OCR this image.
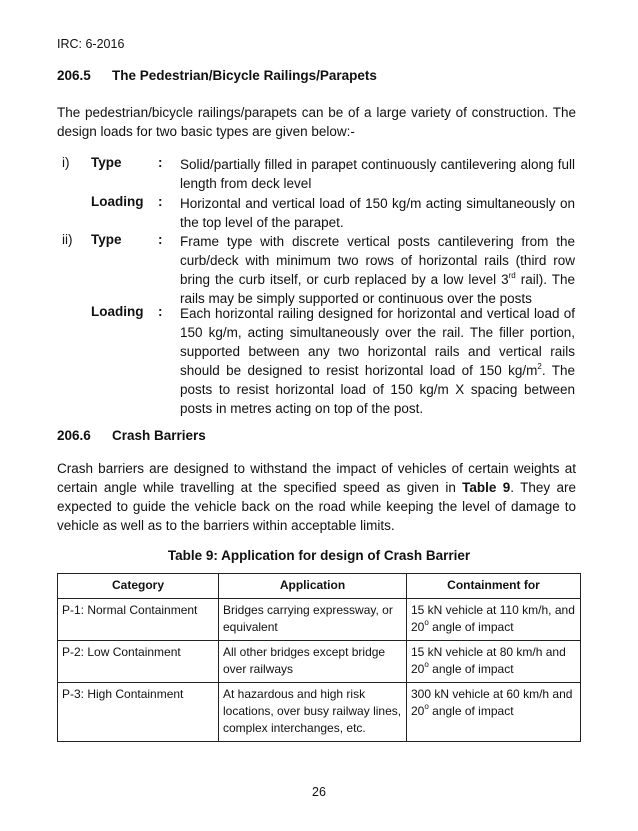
IRC: 6-2016
206.5 The Pedestrian/Bicycle Railings/Parapets
The pedestrian/bicycle railings/parapets can be of a large variety of construction. The design loads for two basic types are given below:-
i) Type	: Solid/partially filled in parapet continuously cantilevering along full length from deck level
Loading : Horizontal and vertical load of 150 kg/m acting simultaneously on the top level of the parapet.
ii) Type	: Frame type with discrete vertical posts cantilevering from the curb/deck with minimum two rows of horizontal rails (third row bring the curb itself, or curb replaced by a low level 3rd rail). The rails may be simply supported or continuous over the posts
Loading : Each horizontal railing designed for horizontal and vertical load of 150 kg/m, acting simultaneously over the rail. The filler portion, supported between any two horizontal rails and vertical rails should be designed to resist horizontal load of 150 $kg/m^2$. The posts to resist horizontal load of 150 kg/m X spacing between posts in metres acting on top of the post.
206.6 Crash Barriers
Crash barriers are designed to withstand the impact of vehicles of certain weights at certain angle while travelling at the specified speed as given in Table 9. They are expected to guide the vehicle back on the road while keeping the level of damage to vehicle as well as to the barriers within acceptable limits.
Table 9: Application for design of Crash Barrier
Category	Application	Containment for
P-1: Normal Containment	Bridges carrying expressway, or equivalent	15 kN vehicle at 110 km/h, and 20$^o$ angle of impact
P-2: Low Containment	All other bridges except bridge over railways	15 kN vehicle at 80 km/h and 20$^o$ angle of impact
P-3: High Containment	At hazardous and high risk locations, over busy railway lines, complex interchanges, etc.	300 kN vehicle at 60 km/h and 20$^o$ angle of impact
26
